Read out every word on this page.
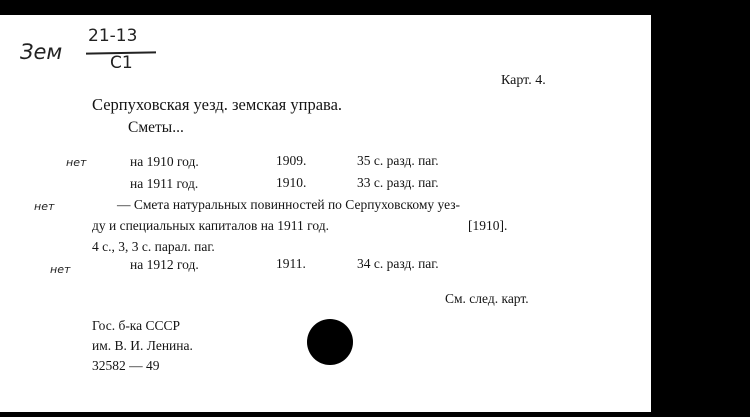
Зем
21-13
С1
нет
нет
нет
Карт. 4.
Серпуховская уезд. земская управа.
Сметы...
на 1910 год.	1909.	35 с. разд. паг.
на 1911 год.	1910.	33 с. разд. паг.
— Смета натуральных повинностей по Серпуховскому уез-
ду и специальных капиталов на 1911 год.	[1910].
4 с., 3, 3 с. парал. паг.
на 1912 год.	1911.	34 с. разд. паг.
См. след. карт.
Гос. б-ка СССР
им. В. И. Ленина.
32582 — 49
